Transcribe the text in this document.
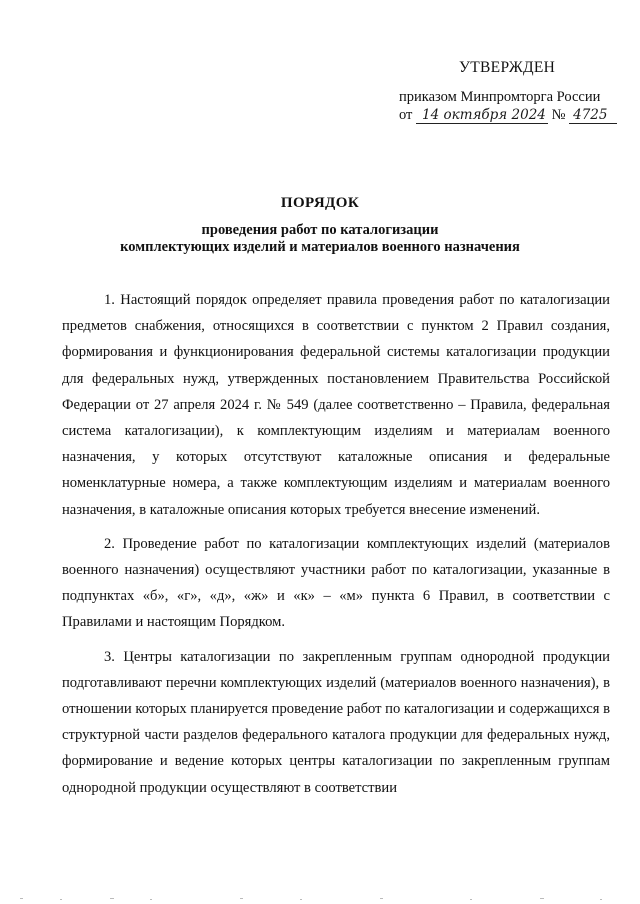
УТВЕРЖДЕН
приказом Минпромторга России
от 14 октября 2024 № 4725
ПОРЯДОК
проведения работ по каталогизации
комплектующих изделий и материалов военного назначения

1. Настоящий порядок определяет правила проведения работ по каталогизации предметов снабжения, относящихся в соответствии с пунктом 2 Правил создания, формирования и функционирования федеральной системы каталогизации продукции для федеральных нужд, утвержденных постановлением Правительства Российской Федерации от 27 апреля 2024 г. № 549 (далее соответственно – Правила, федеральная система каталогизации), к комплектующим изделиям и материалам военного назначения, у которых отсутствуют каталожные описания и федеральные номенклатурные номера, а также комплектующим изделиям и материалам военного назначения, в каталожные описания которых требуется внесение изменений.

2. Проведение работ по каталогизации комплектующих изделий (материалов военного назначения) осуществляют участники работ по каталогизации, указанные в подпунктах «б», «г», «д», «ж» и «к» – «м» пункта 6 Правил, в соответствии с Правилами и настоящим Порядком.

3. Центры каталогизации по закрепленным группам однородной продукции подготавливают перечни комплектующих изделий (материалов военного назначения), в отношении которых планируется проведение работ по каталогизации и содержащихся в структурной части разделов федерального каталога продукции для федеральных нужд, формирование и ведение которых центры каталогизации по закрепленным группам однородной продукции осуществляют в соответствии
